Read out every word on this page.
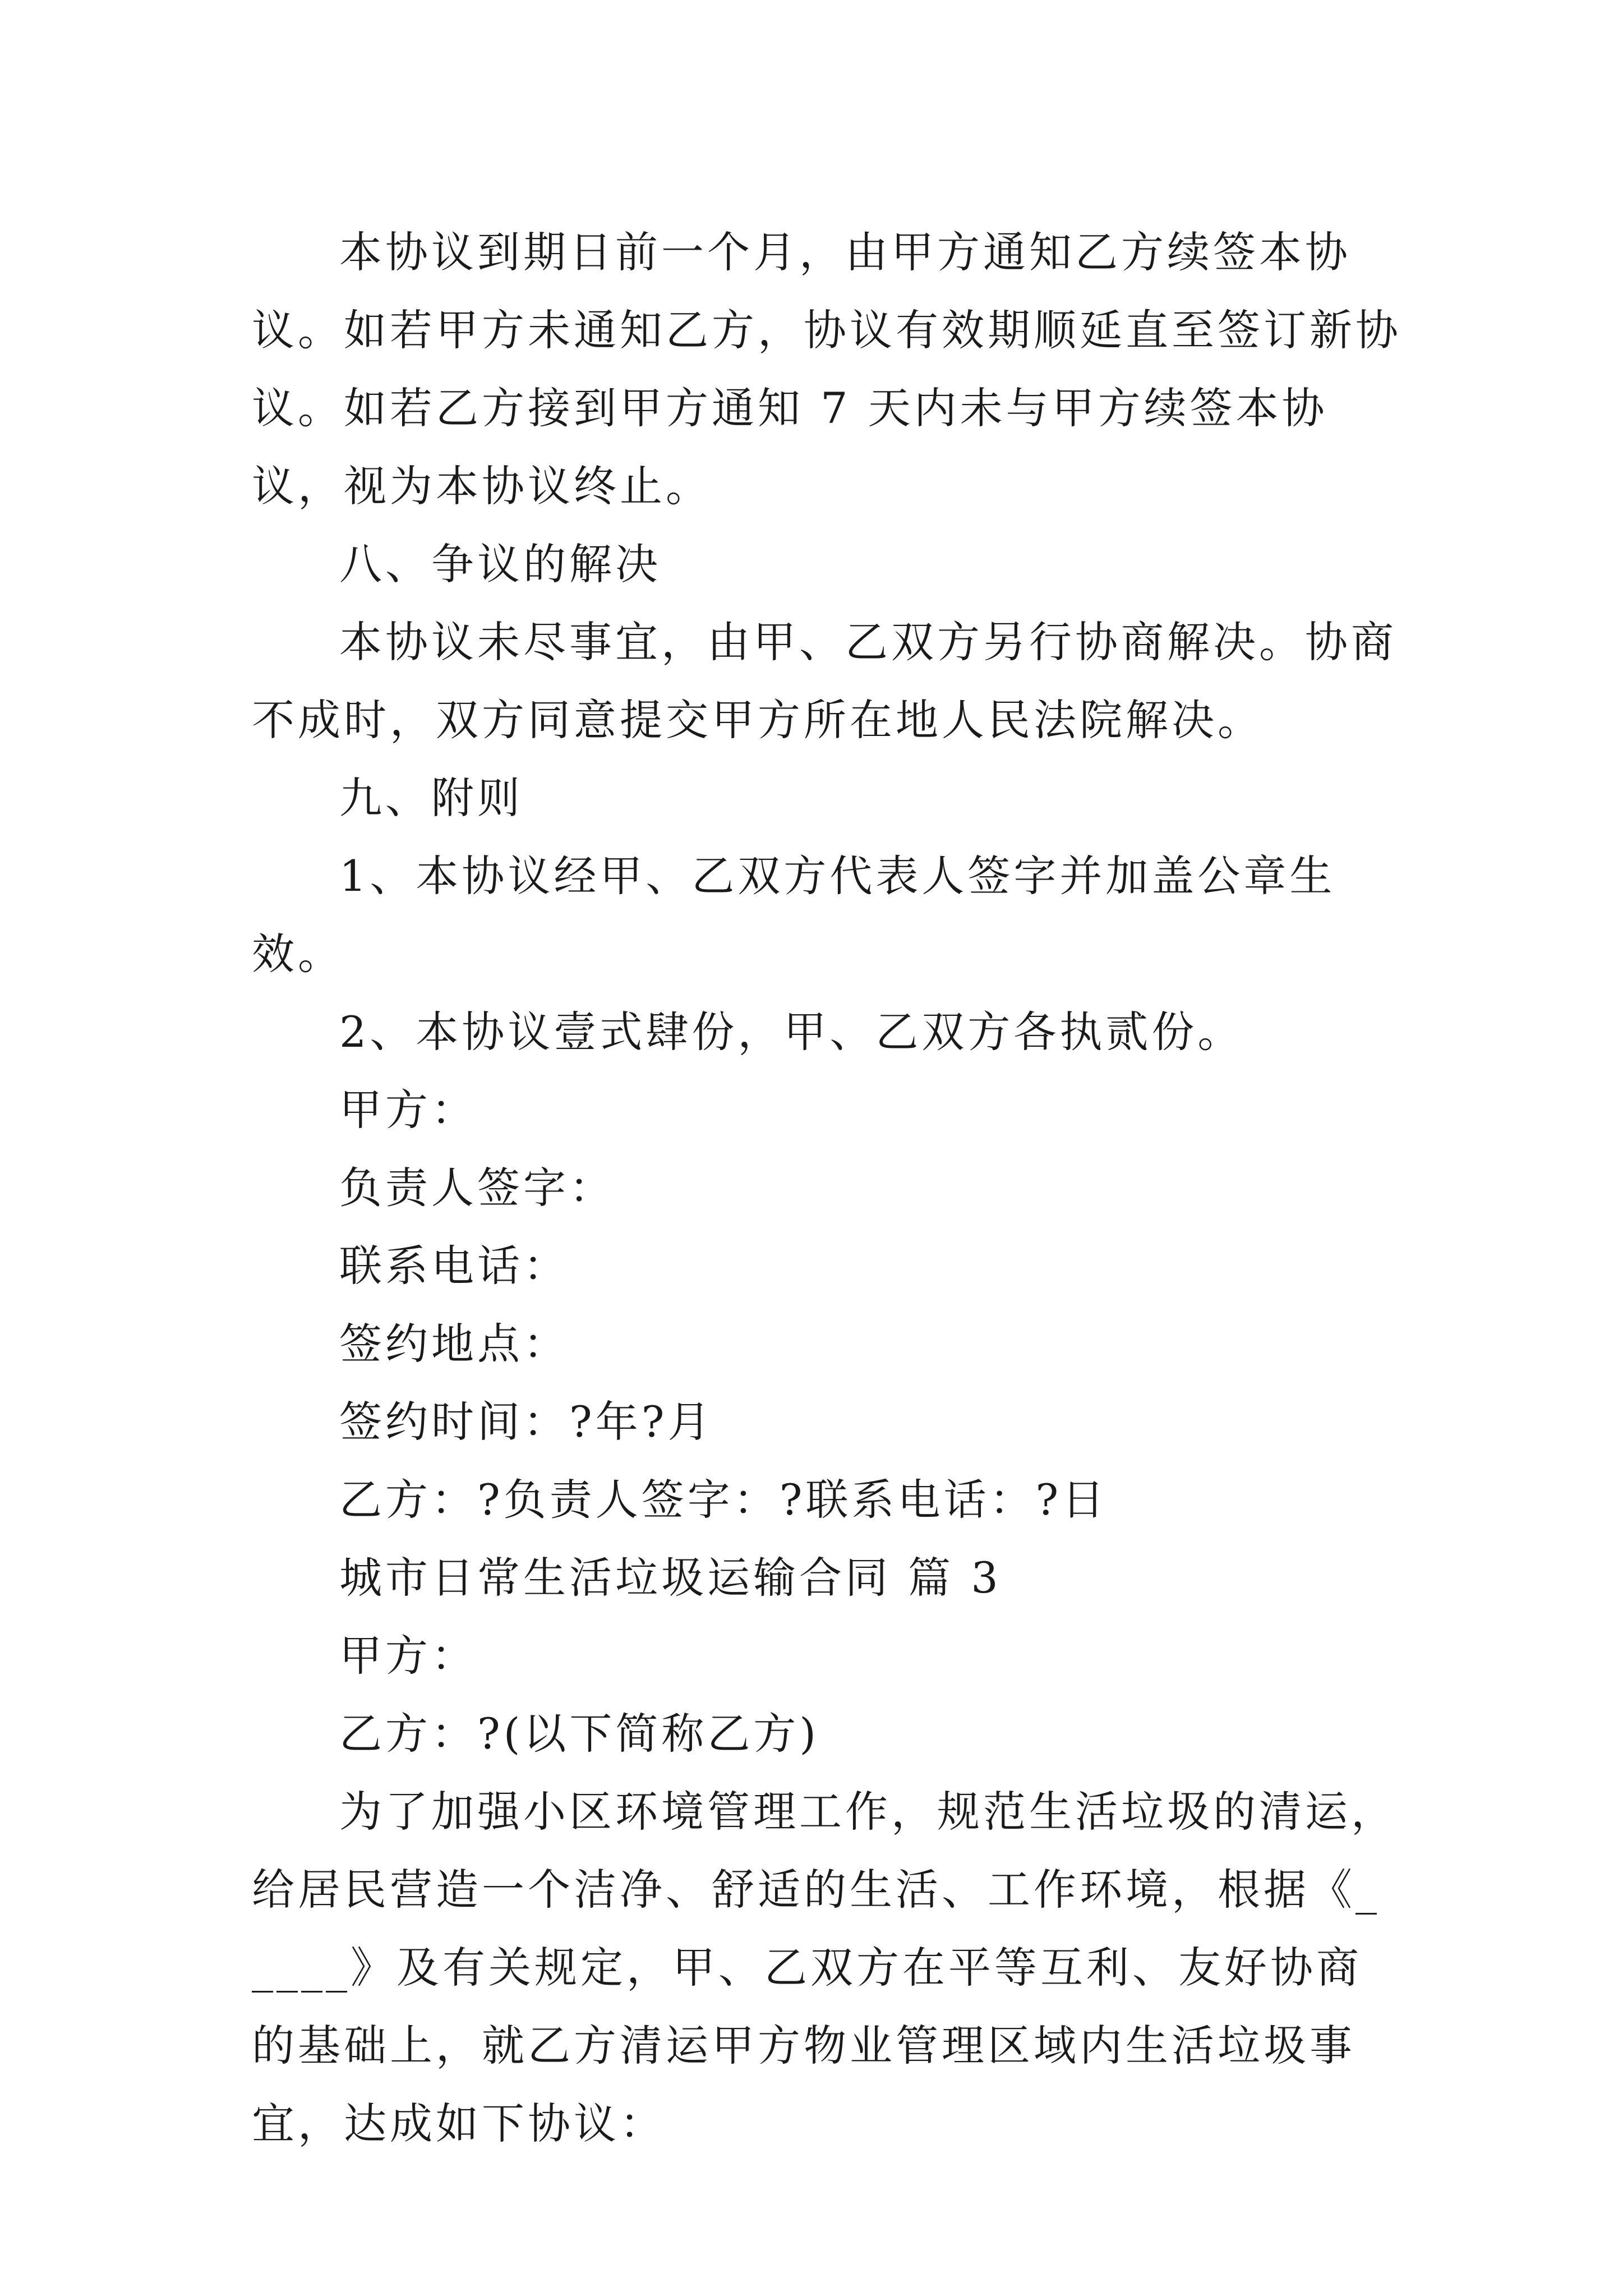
本协议到期日前一个月，由甲方通知乙方续签本协议。如若甲方未通知乙方，协议有效期顺延直至签订新协议。如若乙方接到甲方通知 7 天内未与甲方续签本协议，视为本协议终止。

八、争议的解决

本协议未尽事宜，由甲、乙双方另行协商解决。协商不成时，双方同意提交甲方所在地人民法院解决。

九、附则

1、本协议经甲、乙双方代表人签字并加盖公章生效。

2、本协议壹式肆份，甲、乙双方各执贰份。

甲方：

负责人签字：

联系电话：

签约地点：

签约时间：?年?月

乙方：?负责人签字：?联系电话：?日

城市日常生活垃圾运输合同 篇 3

甲方：

乙方：?(以下简称乙方)

为了加强小区环境管理工作，规范生活垃圾的清运，给居民营造一个洁净、舒适的生活、工作环境，根据《_____》及有关规定，甲、乙双方在平等互利、友好协商的基础上，就乙方清运甲方物业管理区域内生活垃圾事宜，达成如下协议：
